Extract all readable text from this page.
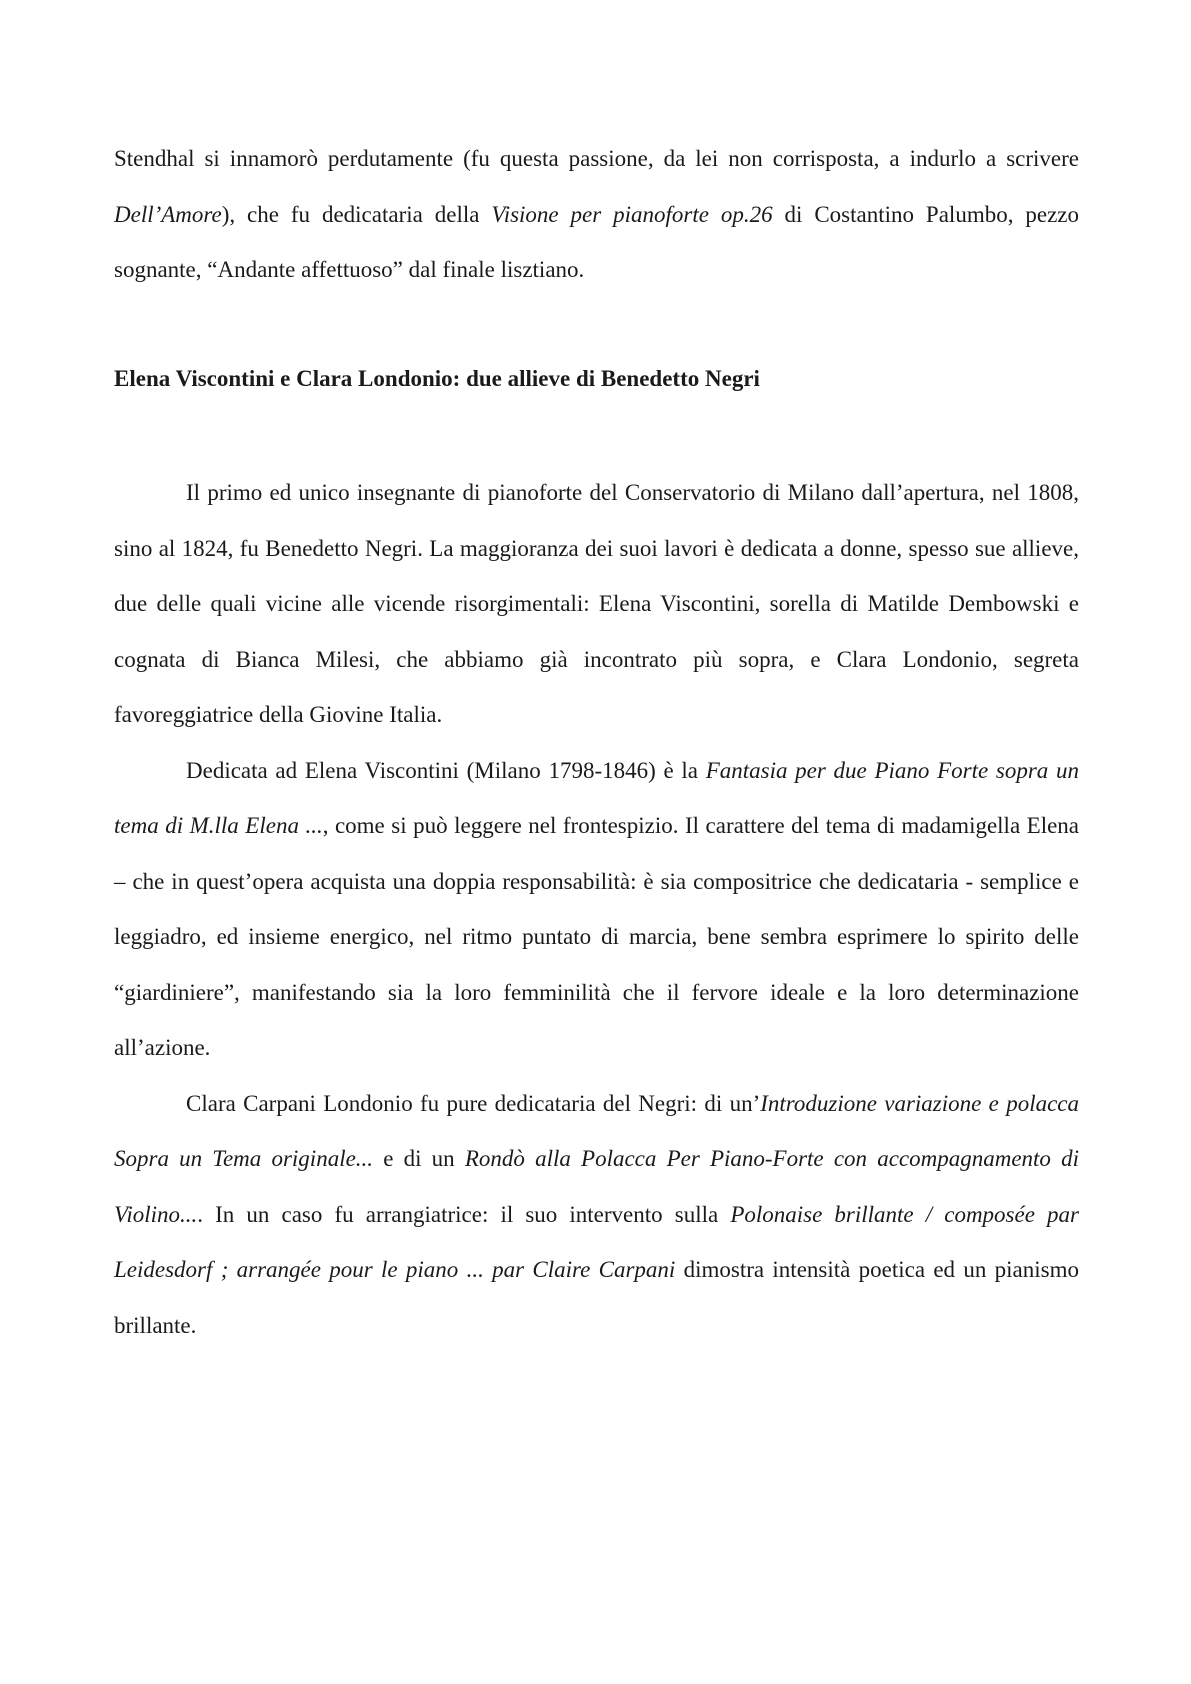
Stendhal si innamorò perdutamente (fu questa passione, da lei non corrisposta, a indurlo a scrivere Dell’Amore), che fu dedicataria della Visione per pianoforte op.26 di Costantino Palumbo, pezzo sognante, “Andante affettuoso” dal finale lisztiano.

Elena Viscontini e Clara Londonio: due allieve di Benedetto Negri

Il primo ed unico insegnante di pianoforte del Conservatorio di Milano dall’apertura, nel 1808, sino al 1824, fu Benedetto Negri. La maggioranza dei suoi lavori è dedicata a donne, spesso sue allieve, due delle quali vicine alle vicende risorgimentali: Elena Viscontini, sorella di Matilde Dembowski e cognata di Bianca Milesi, che abbiamo già incontrato più sopra, e Clara Londonio, segreta favoreggiatrice della Giovine Italia.

Dedicata ad Elena Viscontini (Milano 1798-1846) è la Fantasia per due Piano Forte sopra un tema di M.lla Elena ..., come si può leggere nel frontespizio. Il carattere del tema di madamigella Elena – che in quest’opera acquista una doppia responsabilità: è sia compositrice che dedicataria - semplice e leggiadro, ed insieme energico, nel ritmo puntato di marcia, bene sembra esprimere lo spirito delle “giardiniere”, manifestando sia la loro femminilità che il fervore ideale e la loro determinazione all’azione.

Clara Carpani Londonio fu pure dedicataria del Negri: di un’Introduzione variazione e polacca Sopra un Tema originale... e di un Rondò alla Polacca Per Piano-Forte con accompagnamento di Violino.... In un caso fu arrangiatrice: il suo intervento sulla Polonaise brillante / composée par Leidesdorf ; arrangée pour le piano ... par Claire Carpani dimostra intensità poetica ed un pianismo brillante.
